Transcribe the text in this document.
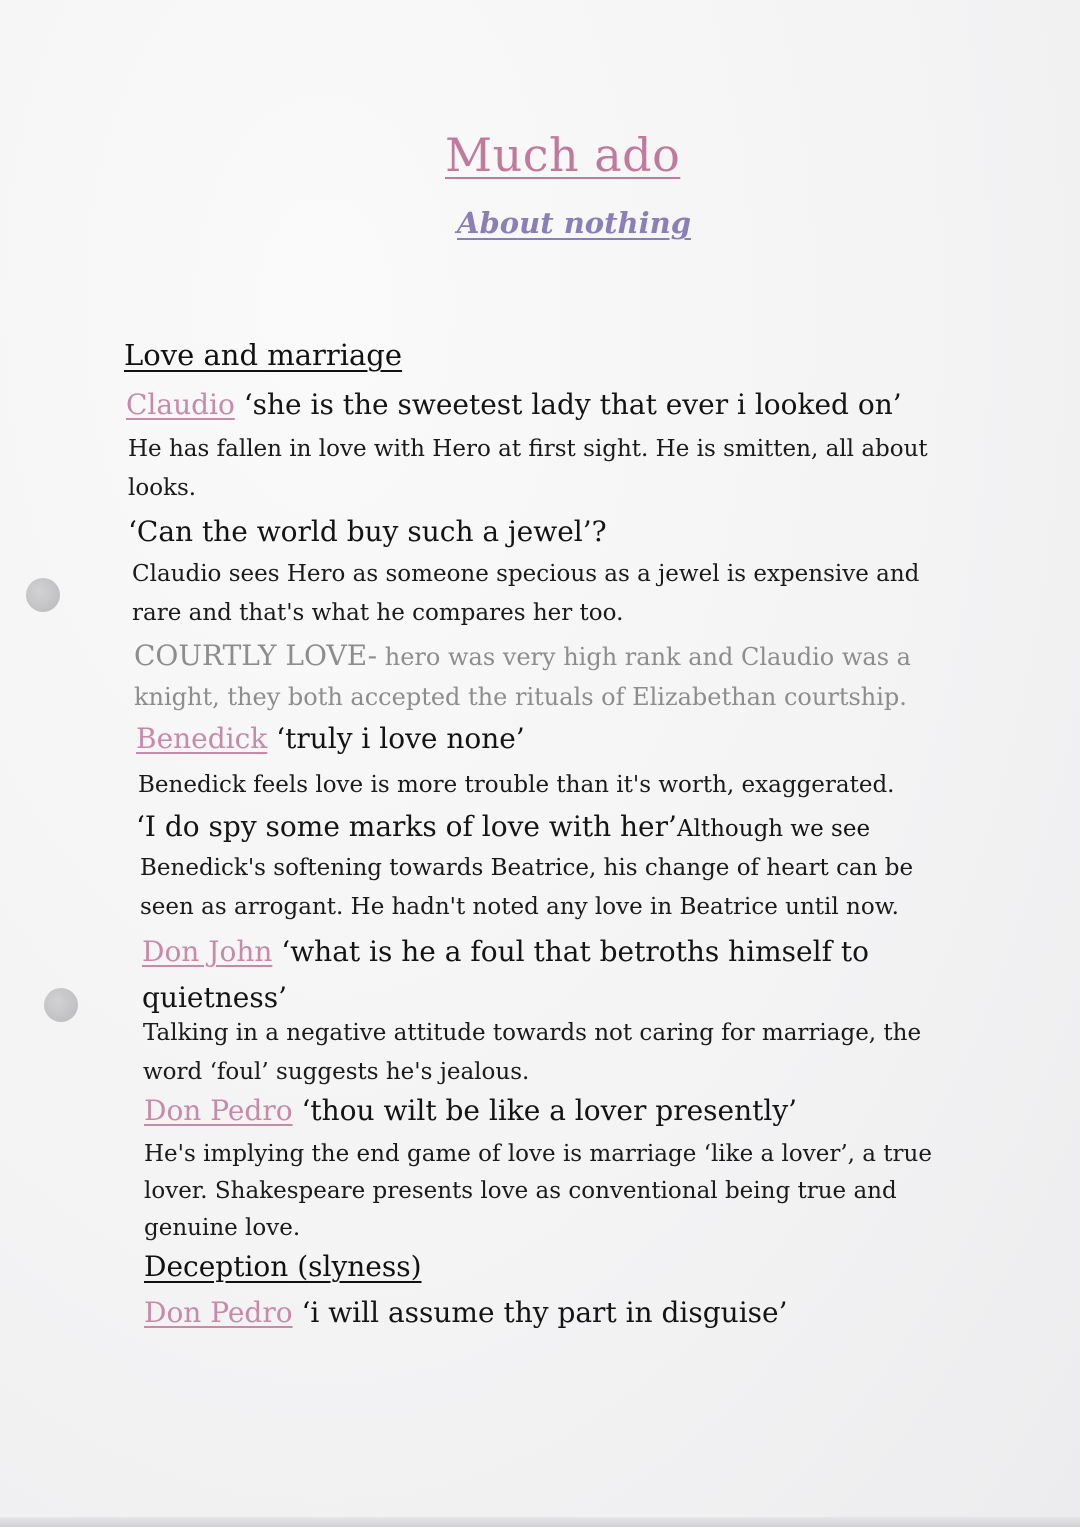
Much ado
About nothing
Love and marriage
Claudio ‘she is the sweetest lady that ever i looked on’
He has fallen in love with Hero at first sight. He is smitten, all about looks.
‘Can the world buy such a jewel’?
Claudio sees Hero as someone specious as a jewel is expensive and rare and that's what he compares her too.
COURTLY LOVE- hero was very high rank and Claudio was a knight, they both accepted the rituals of Elizabethan courtship.
Benedick ‘truly i love none’
Benedick feels love is more trouble than it's worth, exaggerated.
‘I do spy some marks of love with her’Although we see
Benedick's softening towards Beatrice, his change of heart can be seen as arrogant. He hadn't noted any love in Beatrice until now.
Don John ‘what is he a foul that betroths himself to quietness’
Talking in a negative attitude towards not caring for marriage, the word ‘foul’ suggests he's jealous.
Don Pedro ‘thou wilt be like a lover presently’
He's implying the end game of love is marriage ‘like a lover’, a true lover. Shakespeare presents love as conventional being true and genuine love.
Deception (slyness)
Don Pedro ‘i will assume thy part in disguise’
